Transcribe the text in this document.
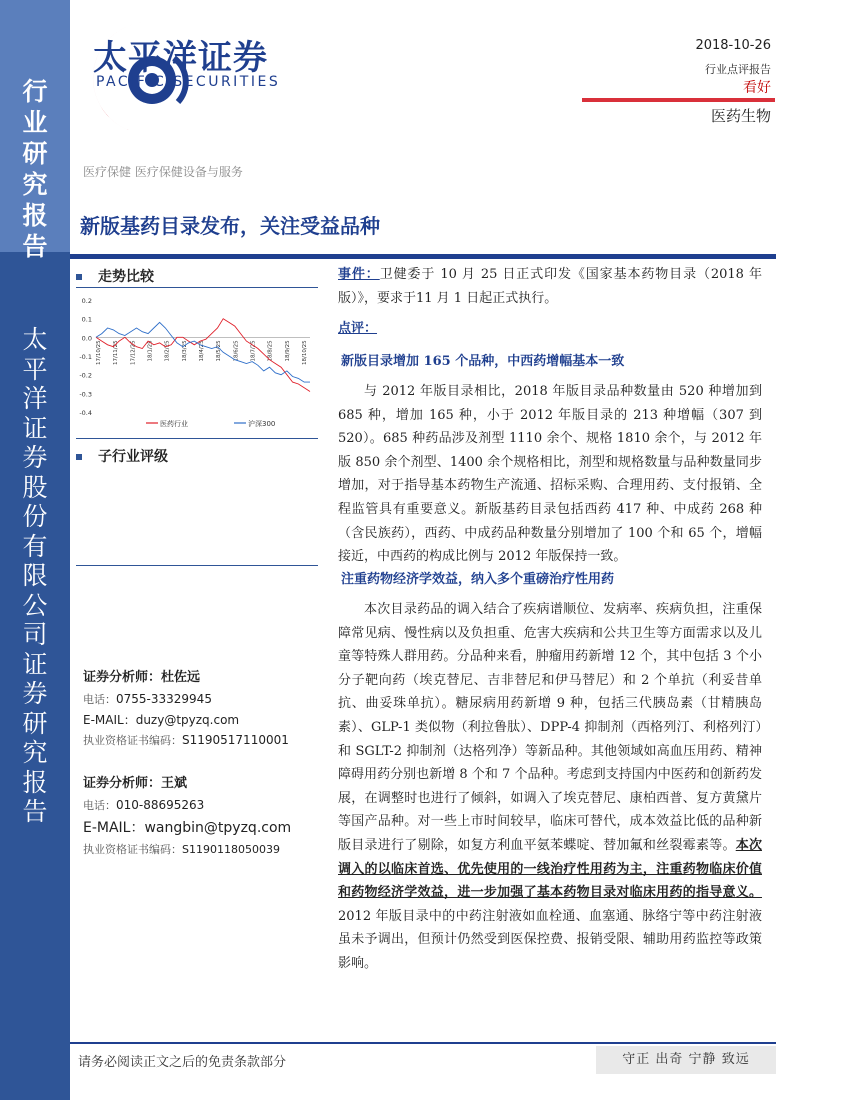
行
业
研
究
报
告
太
平
洋
证
券
股
份
有
限
公
司
证
券
研
究
报
告
太平洋证券
PACIFIC SECURITIES
2018-10-26
行业点评报告
看好
医药生物
医疗保健 医疗保健设备与服务
新版基药目录发布，关注受益品种
走势比较
0.2
0.1
0.0
-0.1
-0.2
-0.3
-0.4
17/10/25 17/11/25 17/12/25 18/1/25 18/2/25 18/3/25 18/4/25 18/5/25 18/6/25 18/7/25 18/8/25 18/9/25 18/10/25
医药行业	沪深300
子行业评级
证券分析师：杜佐远
电话：0755-33329945
E-MAIL：duzy@tpyzq.com
执业资格证书编码：S1190517110001
证券分析师：王斌
电话：010-88695263
E-MAIL：wangbin@tpyzq.com
执业资格证书编码：S1190118050039
事件：卫健委于 10 月 25 日正式印发《国家基本药物目录（2018 年版）》，要求于11 月 1 日起正式执行。
点评：
新版目录增加 165 个品种，中西药增幅基本一致
与 2012 年版目录相比，2018 年版目录品种数量由 520 种增加到 685 种，增加 165 种，小于 2012 年版目录的 213 种增幅（307 到 520）。685 种药品涉及剂型 1110 余个、规格 1810 余个，与 2012 年版 850 余个剂型、1400 余个规格相比，剂型和规格数量与品种数量同步增加，对于指导基本药物生产流通、招标采购、合理用药、支付报销、全程监管具有重要意义。新版基药目录包括西药 417 种、中成药 268 种（含民族药），西药、中成药品种数量分别增加了 100 个和 65 个，增幅接近，中西药的构成比例与 2012 年版保持一致。
注重药物经济学效益，纳入多个重磅治疗性用药
本次目录药品的调入结合了疾病谱顺位、发病率、疾病负担，注重保障常见病、慢性病以及负担重、危害大疾病和公共卫生等方面需求以及儿童等特殊人群用药。分品种来看，肿瘤用药新增 12 个，其中包括 3 个小分子靶向药（埃克替尼、吉非替尼和伊马替尼）和 2 个单抗（利妥昔单抗、曲妥珠单抗）。糖尿病用药新增 9 种，包括三代胰岛素（甘精胰岛素）、GLP-1 类似物（利拉鲁肽）、DPP-4 抑制剂（西格列汀、利格列汀）和 SGLT-2 抑制剂（达格列净）等新品种。其他领域如高血压用药、精神障碍用药分别也新增 8 个和 7 个品种。考虑到支持国内中医药和创新药发展，在调整时也进行了倾斜，如调入了埃克替尼、康柏西普、复方黄黛片等国产品种。对一些上市时间较早，临床可替代，成本效益比低的品种新版目录进行了剔除，如复方利血平氨苯蝶啶、替加氟和丝裂霉素等。本次调入的以临床首选、优先使用的一线治疗性用药为主，注重药物临床价值和药物经济学效益，进一步加强了基本药物目录对临床用药的指导意义。2012 年版目录中的中药注射液如血栓通、血塞通、脉络宁等中药注射液虽未予调出，但预计仍然受到医保控费、报销受限、辅助用药监控等政策影响。
请务必阅读正文之后的免责条款部分	守正 出奇 宁静 致远
